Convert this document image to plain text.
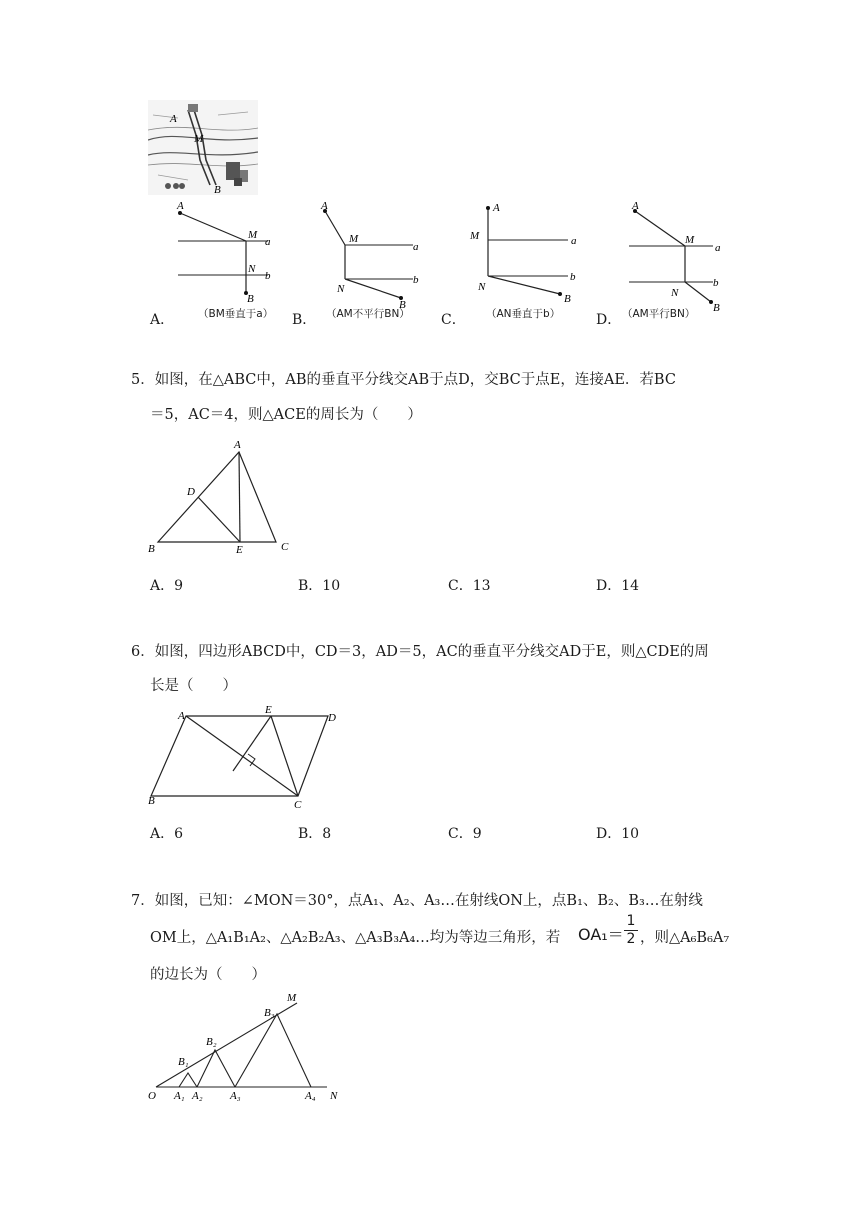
A
M
B
A
M
a
N
b
B
A
M
a
N
b
B
A
M	a
N
b
B
A
M
a
N
b
B
A． （BM垂直于a） B． （AM不平行BN） C． （AN垂直于b）	D． （AM平行BN）
5．如图，在△ABC中，AB的垂直平分线交AB于点D，交BC于点E，连接AE．若BC
＝5，AC＝4，则△ACE的周长为（　　）
A
D
B	E	C
A．9	B．10	C．13	D．14
6．如图，四边形ABCD中，CD＝3，AD＝5，AC的垂直平分线交AD于E，则△CDE的周
长是（　　）
A	E
D
B	C
A．6	B．8	C．9	D．10
7．如图，已知：∠MON＝30°，点A₁、A₂、A₃…在射线ON上，点B₁、B₂、B₃…在射线
OM上，△A₁B₁A₂、△A₂B₂A₃、△A₃B₃A₄…均为等边三角形，若 OA₁＝
1
2 ，则△A₆B₆A₇
的边长为（　　）
O A₁ A₂ A₃	A₄ N
B₁
B₂
B₃
M
